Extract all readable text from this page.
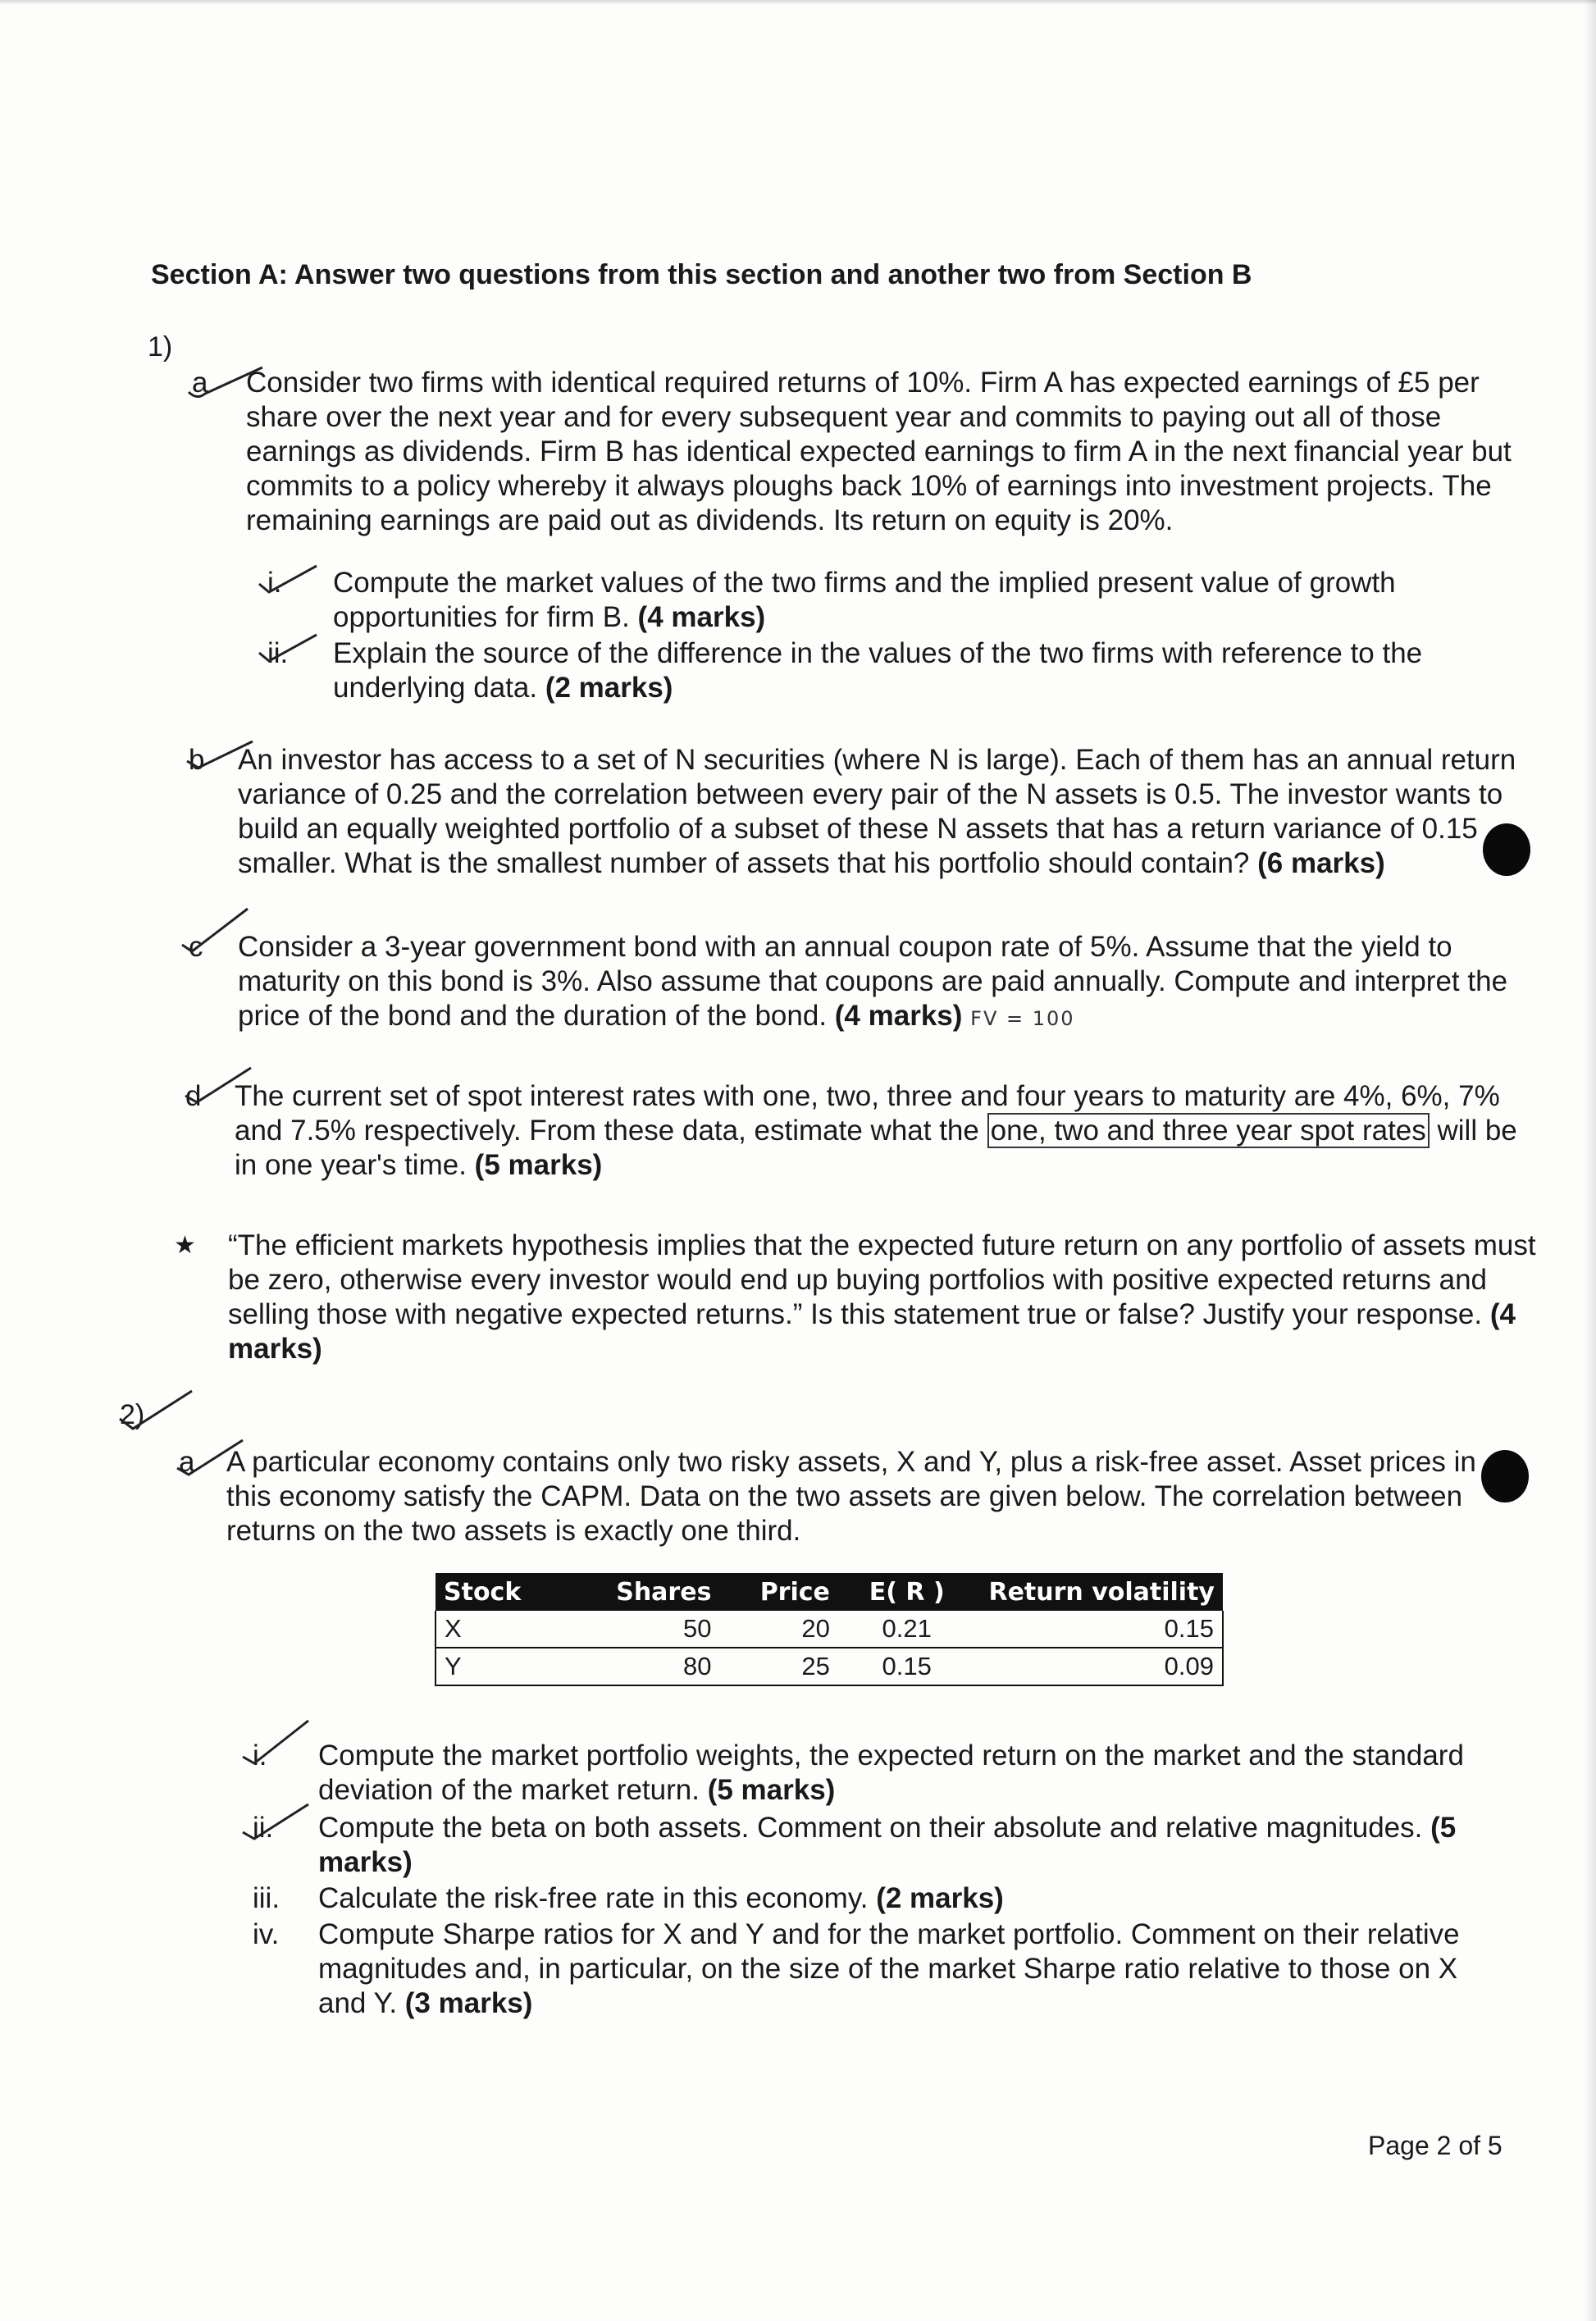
Section A: Answer two questions from this section and another two from Section B
1)
a Consider two firms with identical required returns of 10%. Firm A has expected earnings of £5 per share over the next year and for every subsequent year and commits to paying out all of those earnings as dividends. Firm B has identical expected earnings to firm A in the next financial year but commits to a policy whereby it always ploughs back 10% of earnings into investment projects. The remaining earnings are paid out as dividends. Its return on equity is 20%.
i.	Compute the market values of the two firms and the implied present value of growth opportunities for firm B. (4 marks)
ii.	Explain the source of the difference in the values of the two firms with reference to the underlying data. (2 marks)
b An investor has access to a set of N securities (where N is large). Each of them has an annual return variance of 0.25 and the correlation between every pair of the N assets is 0.5. The investor wants to build an equally weighted portfolio of a subset of these N assets that has a return variance of 0.15 smaller. What is the smallest number of assets that his portfolio should contain? (6 marks)
c Consider a 3-year government bond with an annual coupon rate of 5%. Assume that the yield to maturity on this bond is 3%. Also assume that coupons are paid annually. Compute and interpret the price of the bond and the duration of the bond. (4 marks) FV = 100
d The current set of spot interest rates with one, two, three and four years to maturity are 4%, 6%, 7% and 7.5% respectively. From these data, estimate what the one, two and three year spot rates will be in one year's time. (5 marks)
★ “The efficient markets hypothesis implies that the expected future return on any portfolio of assets must be zero, otherwise every investor would end up buying portfolios with positive expected returns and selling those with negative expected returns.” Is this statement true or false? Justify your response. (4 marks)
2)
a A particular economy contains only two risky assets, X and Y, plus a risk-free asset. Asset prices in this economy satisfy the CAPM. Data on the two assets are given below. The correlation between returns on the two assets is exactly one third.
Stock	Shares	Price	E( R )	Return volatility
X	50	20	0.21	0.15
Y	80	25	0.15	0.09
i.	Compute the market portfolio weights, the expected return on the market and the standard deviation of the market return. (5 marks)
ii.	Compute the beta on both assets. Comment on their absolute and relative magnitudes. (5 marks)
iii.	Calculate the risk-free rate in this economy. (2 marks)
iv.	Compute Sharpe ratios for X and Y and for the market portfolio. Comment on their relative magnitudes and, in particular, on the size of the market Sharpe ratio relative to those on X and Y. (3 marks)
Page 2 of 5
